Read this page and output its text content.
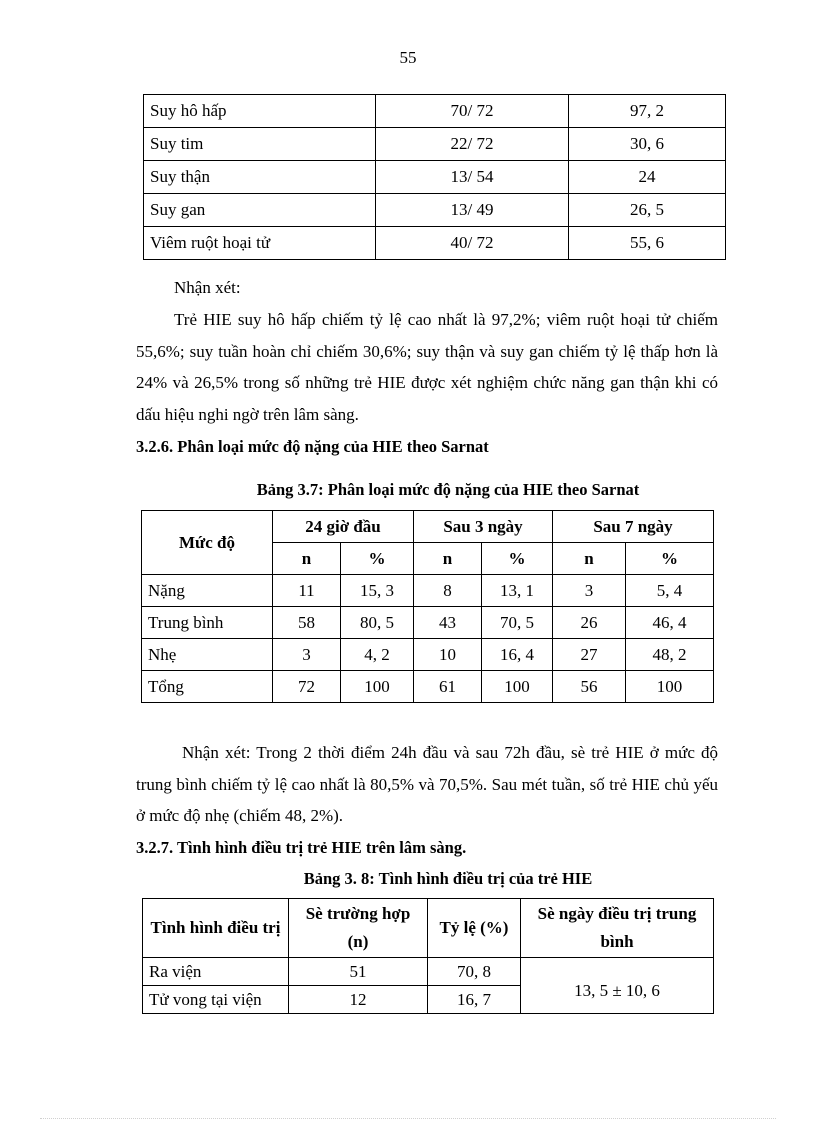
55
Suy hô hấp	70/ 72	97, 2
Suy tim	22/ 72	30, 6
Suy thận	13/ 54	24
Suy gan	13/ 49	26, 5
Viêm ruột hoại tử	40/ 72	55, 6
Nhận xét:
Trẻ HIE suy hô hấp chiếm tỷ lệ cao nhất là 97,2%; viêm ruột hoại tử chiếm 55,6%; suy tuần hoàn chỉ chiếm 30,6%; suy thận và suy gan chiếm tỷ lệ thấp hơn là 24% và 26,5% trong số những trẻ HIE được xét nghiệm chức năng gan thận khi có dấu hiệu nghi ngờ trên lâm sàng.
3.2.6. Phân loại mức độ nặng của HIE theo Sarnat
Bảng 3.7: Phân loại mức độ nặng của HIE theo Sarnat
Mức độ	24 giờ đầu		Sau 3 ngày		Sau 7 ngày	
	n	%	n	%	n	%
Nặng	11	15, 3	8	13, 1	3	5, 4
Trung bình	58	80, 5	43	70, 5	26	46, 4
Nhẹ	3	4, 2	10	16, 4	27	48, 2
Tổng	72	100	61	100	56	100
Nhận xét: Trong 2 thời điểm 24h đầu và sau 72h đầu, sè trẻ HIE ở mức độ trung bình chiếm tỷ lệ cao nhất là 80,5% và 70,5%. Sau mét tuần, số trẻ HIE chủ yếu ở mức độ nhẹ (chiếm 48, 2%).
3.2.7. Tình hình điều trị trẻ HIE trên lâm sàng.
Bảng 3. 8: Tình hình điều trị của trẻ HIE
Tình hình điều trị	Sè trường hợp (n)	Tỷ lệ (%)	Sè ngày điều trị trung bình
Ra viện	51	70, 8	13, 5 ± 10, 6
Tử vong tại viện	12	16, 7	
